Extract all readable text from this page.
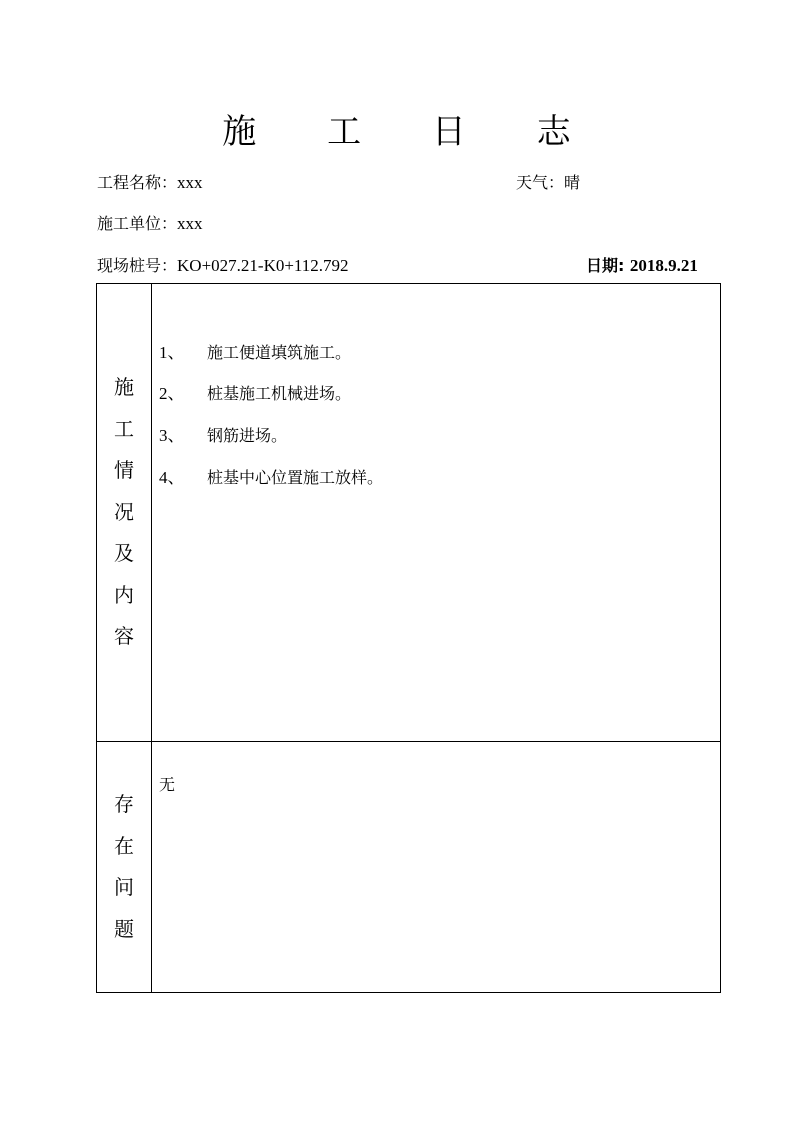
施 工 日 志
工程名称：xxx	天气：晴
施工单位：xxx
现场桩号：KO+027.21-K0+112.792	日期: 2018.9.21
施
工
情
况
及
内
容
1、 施工便道填筑施工。
2、 桩基施工机械进场。
3、 钢筋进场。
4、 桩基中心位置施工放样。
存
在
问
题
无
